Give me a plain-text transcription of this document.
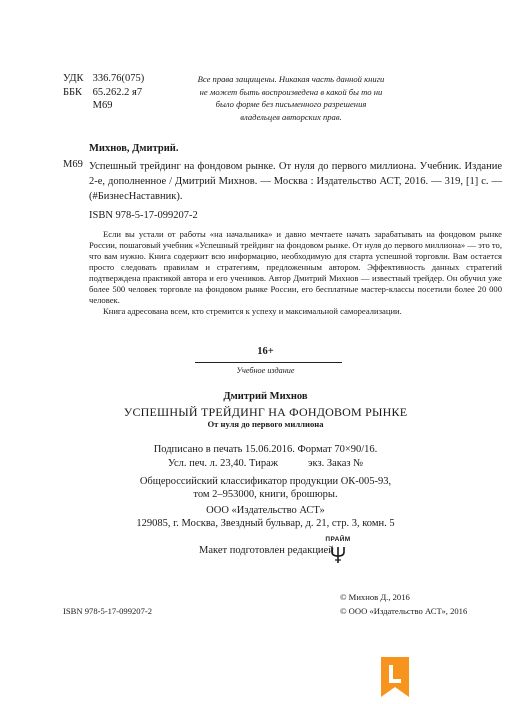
УДК 336.76(075)
ББК 65.262.2 я7
М69
Все права защищены. Никакая часть данной книги не может быть воспроизведена в какой бы то ни было форме без письменного разрешения владельцев авторских прав.
Михнов, Дмитрий.
М69 Успешный трейдинг на фондовом рынке. От нуля до первого миллиона. Учебник. Издание 2-е, дополненное / Дмитрий Михнов. — Москва : Издательство АСТ, 2016. — 319, [1] с. — (#БизнесНаставник).
ISBN 978-5-17-099207-2

Если вы устали от работы «на начальника» и давно мечтаете начать зарабатывать на фондовом рынке России, пошаговый учебник «Успешный трейдинг на фондовом рынке. От нуля до первого миллиона» — это то, что вам нужно. Книга содержит всю информацию, необходимую для старта успешной торговли. Вам остается просто следовать правилам и стратегиям, предложенным автором. Эффективность данных стратегий подтверждена практикой автора и его учеников. Автор Дмитрий Михнов — известный трейдер. Он обучил уже более 500 человек торговле на фондовом рынке России, его бесплатные мастер-классы посетили более 20 000 человек.

Книга адресована всем, кто стремится к успеху и максимальной самореализации.

16+
Учебное издание
Дмитрий Михнов
УСПЕШНЫЙ ТРЕЙДИНГ НА ФОНДОВОМ РЫНКЕ
От нуля до первого миллиона
Подписано в печать 15.06.2016. Формат 70×90/16.
Усл. печ. л. 23,40. Тираж	экз. Заказ №
Общероссийский классификатор продукции ОК-005-93,
том 2–953000, книги, брошюры.
ООО «Издательство АСТ»
129085, г. Москва, Звездный бульвар, д. 21, стр. 3, комн. 5
Макет подготовлен редакцией
ПРАЙМ
© Михнов Д., 2016
© ООО «Издательство АСТ», 2016
ISBN 978-5-17-099207-2
